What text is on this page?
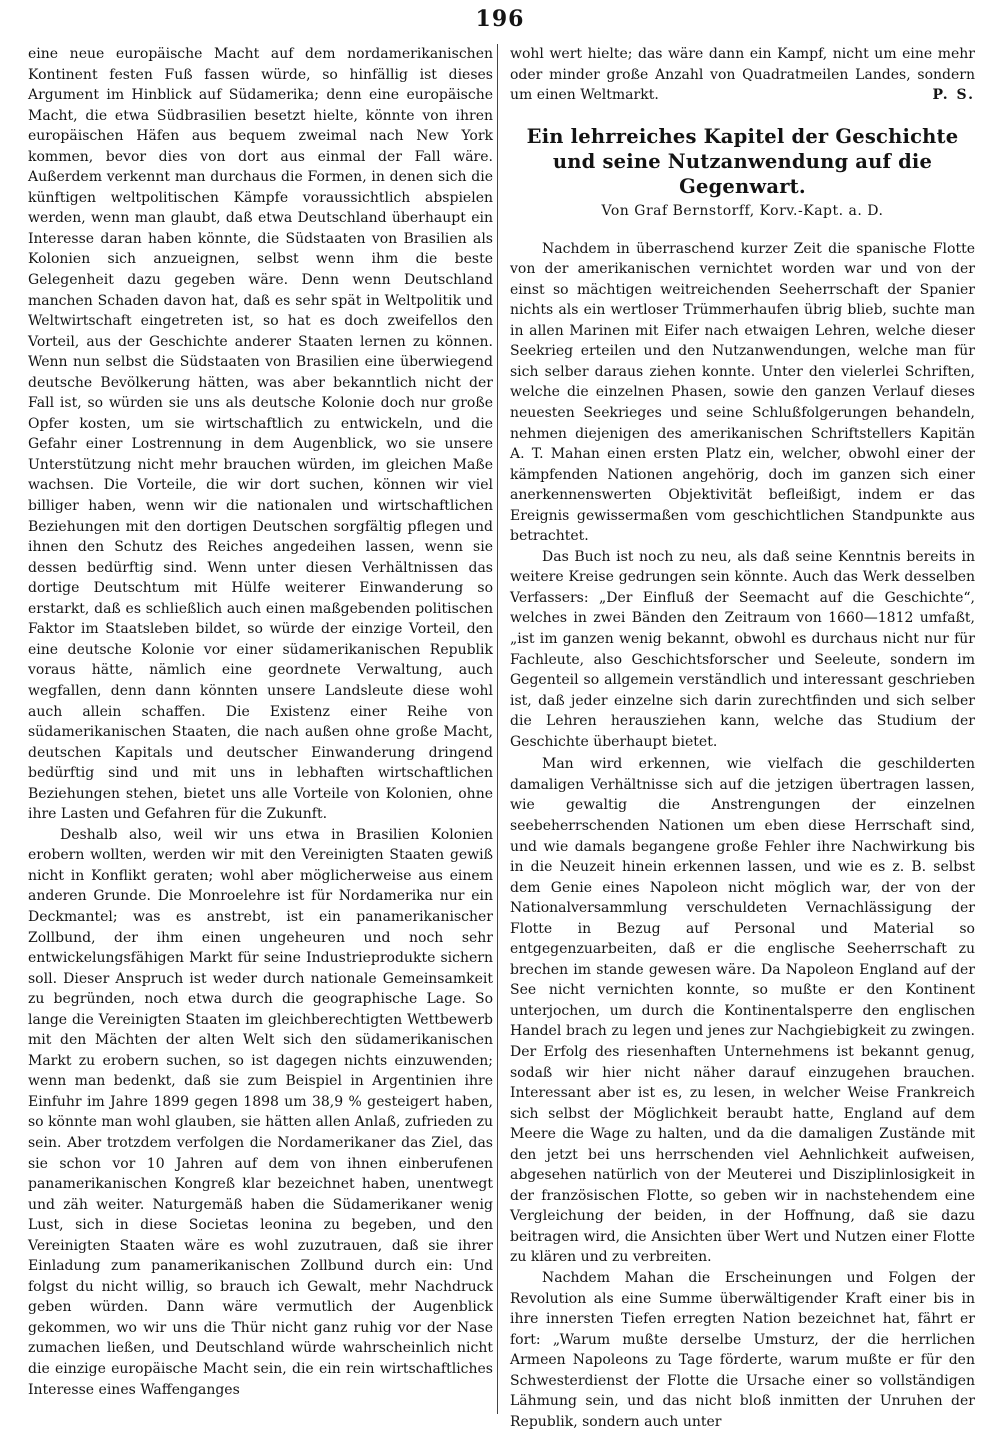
196

eine neue europäische Macht auf dem nordamerikanischen Kontinent festen Fuß fassen würde, so hinfällig ist dieses Argument im Hinblick auf Südamerika; denn eine europäische Macht, die etwa Südbrasilien besetzt hielte, könnte von ihren europäischen Häfen aus bequem zweimal nach New York kommen, bevor dies von dort aus einmal der Fall wäre. Außerdem verkennt man durchaus die Formen, in denen sich die künftigen weltpolitischen Kämpfe voraussichtlich abspielen werden, wenn man glaubt, daß etwa Deutschland überhaupt ein Interesse daran haben könnte, die Südstaaten von Brasilien als Kolonien sich anzueignen, selbst wenn ihm die beste Gelegenheit dazu gegeben wäre. Denn wenn Deutschland manchen Schaden davon hat, daß es sehr spät in Weltpolitik und Weltwirtschaft eingetreten ist, so hat es doch zweifellos den Vorteil, aus der Geschichte anderer Staaten lernen zu können. Wenn nun selbst die Südstaaten von Brasilien eine überwiegend deutsche Bevölkerung hätten, was aber bekanntlich nicht der Fall ist, so würden sie uns als deutsche Kolonie doch nur große Opfer kosten, um sie wirtschaftlich zu entwickeln, und die Gefahr einer Lostrennung in dem Augenblick, wo sie unsere Unterstützung nicht mehr brauchen würden, im gleichen Maße wachsen. Die Vorteile, die wir dort suchen, können wir viel billiger haben, wenn wir die nationalen und wirtschaftlichen Beziehungen mit den dortigen Deutschen sorgfältig pflegen und ihnen den Schutz des Reiches angedeihen lassen, wenn sie dessen bedürftig sind. Wenn unter diesen Verhältnissen das dortige Deutschtum mit Hülfe weiterer Einwanderung so erstarkt, daß es schließlich auch einen maßgebenden politischen Faktor im Staatsleben bildet, so würde der einzige Vorteil, den eine deutsche Kolonie vor einer südamerikanischen Republik voraus hätte, nämlich eine geordnete Verwaltung, auch wegfallen, denn dann könnten unsere Landsleute diese wohl auch allein schaffen. Die Existenz einer Reihe von südamerikanischen Staaten, die nach außen ohne große Macht, deutschen Kapitals und deutscher Einwanderung dringend bedürftig sind und mit uns in lebhaften wirtschaftlichen Beziehungen stehen, bietet uns alle Vorteile von Kolonien, ohne ihre Lasten und Gefahren für die Zukunft.

Deshalb also, weil wir uns etwa in Brasilien Kolonien erobern wollten, werden wir mit den Vereinigten Staaten gewiß nicht in Konflikt geraten; wohl aber möglicherweise aus einem anderen Grunde. Die Monroelehre ist für Nordamerika nur ein Deckmantel; was es anstrebt, ist ein panamerikanischer Zollbund, der ihm einen ungeheuren und noch sehr entwickelungsfähigen Markt für seine Industrieprodukte sichern soll. Dieser Anspruch ist weder durch nationale Gemeinsamkeit zu begründen, noch etwa durch die geographische Lage. So lange die Vereinigten Staaten im gleichberechtigten Wettbewerb mit den Mächten der alten Welt sich den südamerikanischen Markt zu erobern suchen, so ist dagegen nichts einzuwenden; wenn man bedenkt, daß sie zum Beispiel in Argentinien ihre Einfuhr im Jahre 1899 gegen 1898 um 38,9 % gesteigert haben, so könnte man wohl glauben, sie hätten allen Anlaß, zufrieden zu sein. Aber trotzdem verfolgen die Nordamerikaner das Ziel, das sie schon vor 10 Jahren auf dem von ihnen einberufenen panamerikanischen Kongreß klar bezeichnet haben, unentwegt und zäh weiter. Naturgemäß haben die Südamerikaner wenig Lust, sich in diese Societas leonina zu begeben, und den Vereinigten Staaten wäre es wohl zuzutrauen, daß sie ihrer Einladung zum panamerikanischen Zollbund durch ein: Und folgst du nicht willig, so brauch ich Gewalt, mehr Nachdruck geben würden. Dann wäre vermutlich der Augenblick gekommen, wo wir uns die Thür nicht ganz ruhig vor der Nase zumachen ließen, und Deutschland würde wahrscheinlich nicht die einzige europäische Macht sein, die ein rein wirtschaftliches Interesse eines Waffenganges

wohl wert hielte; das wäre dann ein Kampf, nicht um eine mehr oder minder große Anzahl von Quadratmeilen Landes, sondern um einen Weltmarkt.	P. S.

Ein lehrreiches Kapitel der Geschichte und seine Nutzanwendung auf die Gegenwart.
Von Graf Bernstorff, Korv.-Kapt. a. D.

Nachdem in überraschend kurzer Zeit die spanische Flotte von der amerikanischen vernichtet worden war und von der einst so mächtigen weitreichenden Seeherrschaft der Spanier nichts als ein wertloser Trümmerhaufen übrig blieb, suchte man in allen Marinen mit Eifer nach etwaigen Lehren, welche dieser Seekrieg erteilen und den Nutzanwendungen, welche man für sich selber daraus ziehen konnte. Unter den vielerlei Schriften, welche die einzelnen Phasen, sowie den ganzen Verlauf dieses neuesten Seekrieges und seine Schlußfolgerungen behandeln, nehmen diejenigen des amerikanischen Schriftstellers Kapitän A. T. Mahan einen ersten Platz ein, welcher, obwohl einer der kämpfenden Nationen angehörig, doch im ganzen sich einer anerkennenswerten Objektivität befleißigt, indem er das Ereignis gewissermaßen vom geschichtlichen Standpunkte aus betrachtet.

Das Buch ist noch zu neu, als daß seine Kenntnis bereits in weitere Kreise gedrungen sein könnte. Auch das Werk desselben Verfassers: „Der Einfluß der Seemacht auf die Geschichte“, welches in zwei Bänden den Zeitraum von 1660—1812 umfaßt, „ist im ganzen wenig bekannt, obwohl es durchaus nicht nur für Fachleute, also Geschichtsforscher und Seeleute, sondern im Gegenteil so allgemein verständlich und interessant geschrieben ist, daß jeder einzelne sich darin zurechtfinden und sich selber die Lehren herausziehen kann, welche das Studium der Geschichte überhaupt bietet.

Man wird erkennen, wie vielfach die geschilderten damaligen Verhältnisse sich auf die jetzigen übertragen lassen, wie gewaltig die Anstrengungen der einzelnen seebeherrschenden Nationen um eben diese Herrschaft sind, und wie damals begangene große Fehler ihre Nachwirkung bis in die Neuzeit hinein erkennen lassen, und wie es z. B. selbst dem Genie eines Napoleon nicht möglich war, der von der Nationalversammlung verschuldeten Vernachlässigung der Flotte in Bezug auf Personal und Material so entgegenzuarbeiten, daß er die englische Seeherrschaft zu brechen im stande gewesen wäre. Da Napoleon England auf der See nicht vernichten konnte, so mußte er den Kontinent unterjochen, um durch die Kontinentalsperre den englischen Handel brach zu legen und jenes zur Nachgiebigkeit zu zwingen. Der Erfolg des riesenhaften Unternehmens ist bekannt genug, sodaß wir hier nicht näher darauf einzugehen brauchen. Interessant aber ist es, zu lesen, in welcher Weise Frankreich sich selbst der Möglichkeit beraubt hatte, England auf dem Meere die Wage zu halten, und da die damaligen Zustände mit den jetzt bei uns herrschenden viel Aehnlichkeit aufweisen, abgesehen natürlich von der Meuterei und Disziplinlosigkeit in der französischen Flotte, so geben wir in nachstehendem eine Vergleichung der beiden, in der Hoffnung, daß sie dazu beitragen wird, die Ansichten über Wert und Nutzen einer Flotte zu klären und zu verbreiten.

Nachdem Mahan die Erscheinungen und Folgen der Revolution als eine Summe überwältigender Kraft einer bis in ihre innersten Tiefen erregten Nation bezeichnet hat, fährt er fort: „Warum mußte derselbe Umsturz, der die herrlichen Armeen Napoleons zu Tage förderte, warum mußte er für den Schwesterdienst der Flotte die Ursache einer so vollständigen Lähmung sein, und das nicht bloß inmitten der Unruhen der Republik, sondern auch unter
